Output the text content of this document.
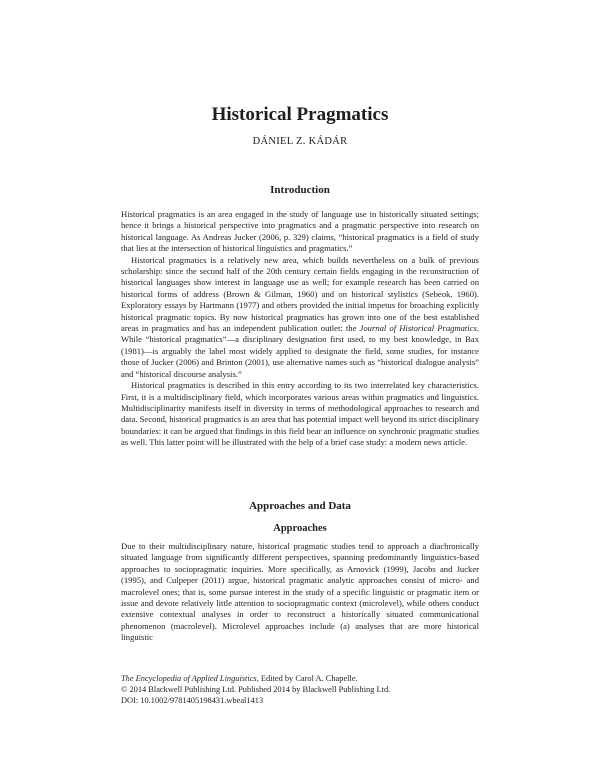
Historical Pragmatics
DÁNIEL Z. KÁDÁR
Introduction

Historical pragmatics is an area engaged in the study of language use in historically situated settings; hence it brings a historical perspective into pragmatics and a pragmatic perspective into research on historical language. As Andreas Jucker (2006, p. 329) claims, “historical pragmatics is a field of study that lies at the intersection of historical linguistics and pragmatics.”

Historical pragmatics is a relatively new area, which builds nevertheless on a bulk of previous scholarship: since the second half of the 20th century certain fields engaging in the reconstruction of historical languages show interest in language use as well; for example research has been carried on historical forms of address (Brown & Gilman, 1960) and on historical stylistics (Sebeok, 1960). Exploratory essays by Hartmann (1977) and others provided the initial impetus for broaching explicitly historical pragmatic topics. By now historical pragmatics has grown into one of the best established areas in pragmatics and has an independent publication outlet: the Journal of Historical Pragmatics. While “historical pragmatics”—a disciplinary designation first used, to my best knowledge, in Bax (1981)—is arguably the label most widely applied to designate the field, some studies, for instance those of Jucker (2006) and Brinton (2001), use alternative names such as “historical dialogue analysis” and “historical discourse analysis.”

Historical pragmatics is described in this entry according to its two interrelated key characteristics. First, it is a multidisciplinary field, which incorporates various areas within pragmatics and linguistics. Multidisciplinarity manifests itself in diversity in terms of methodological approaches to research and data. Second, historical pragmatics is an area that has potential impact well beyond its strict disciplinary boundaries: it can be argued that findings in this field bear an influence on synchronic pragmatic studies as well. This latter point will be illustrated with the help of a brief case study: a modern news article.

Approaches and Data
Approaches

Due to their multidisciplinary nature, historical pragmatic studies tend to approach a diachronically situated language from significantly different perspectives, spanning predominantly linguistics-based approaches to sociopragmatic inquiries. More specifically, as Arnovick (1999), Jacobs and Jucker (1995), and Culpeper (2011) argue, historical pragmatic analytic approaches consist of micro- and macrolevel ones; that is, some pursue interest in the study of a specific linguistic or pragmatic item or issue and devote relatively little attention to sociopragmatic context (microlevel), while others conduct extensive contextual analyses in order to reconstruct a historically situated communicational phenomenon (macrolevel). Microlevel approaches include (a) analyses that are more historical linguistic

The Encyclopedia of Applied Linguistics, Edited by Carol A. Chapelle.
© 2014 Blackwell Publishing Ltd. Published 2014 by Blackwell Publishing Ltd.
DOI: 10.1002/9781405198431.wbeal1413
